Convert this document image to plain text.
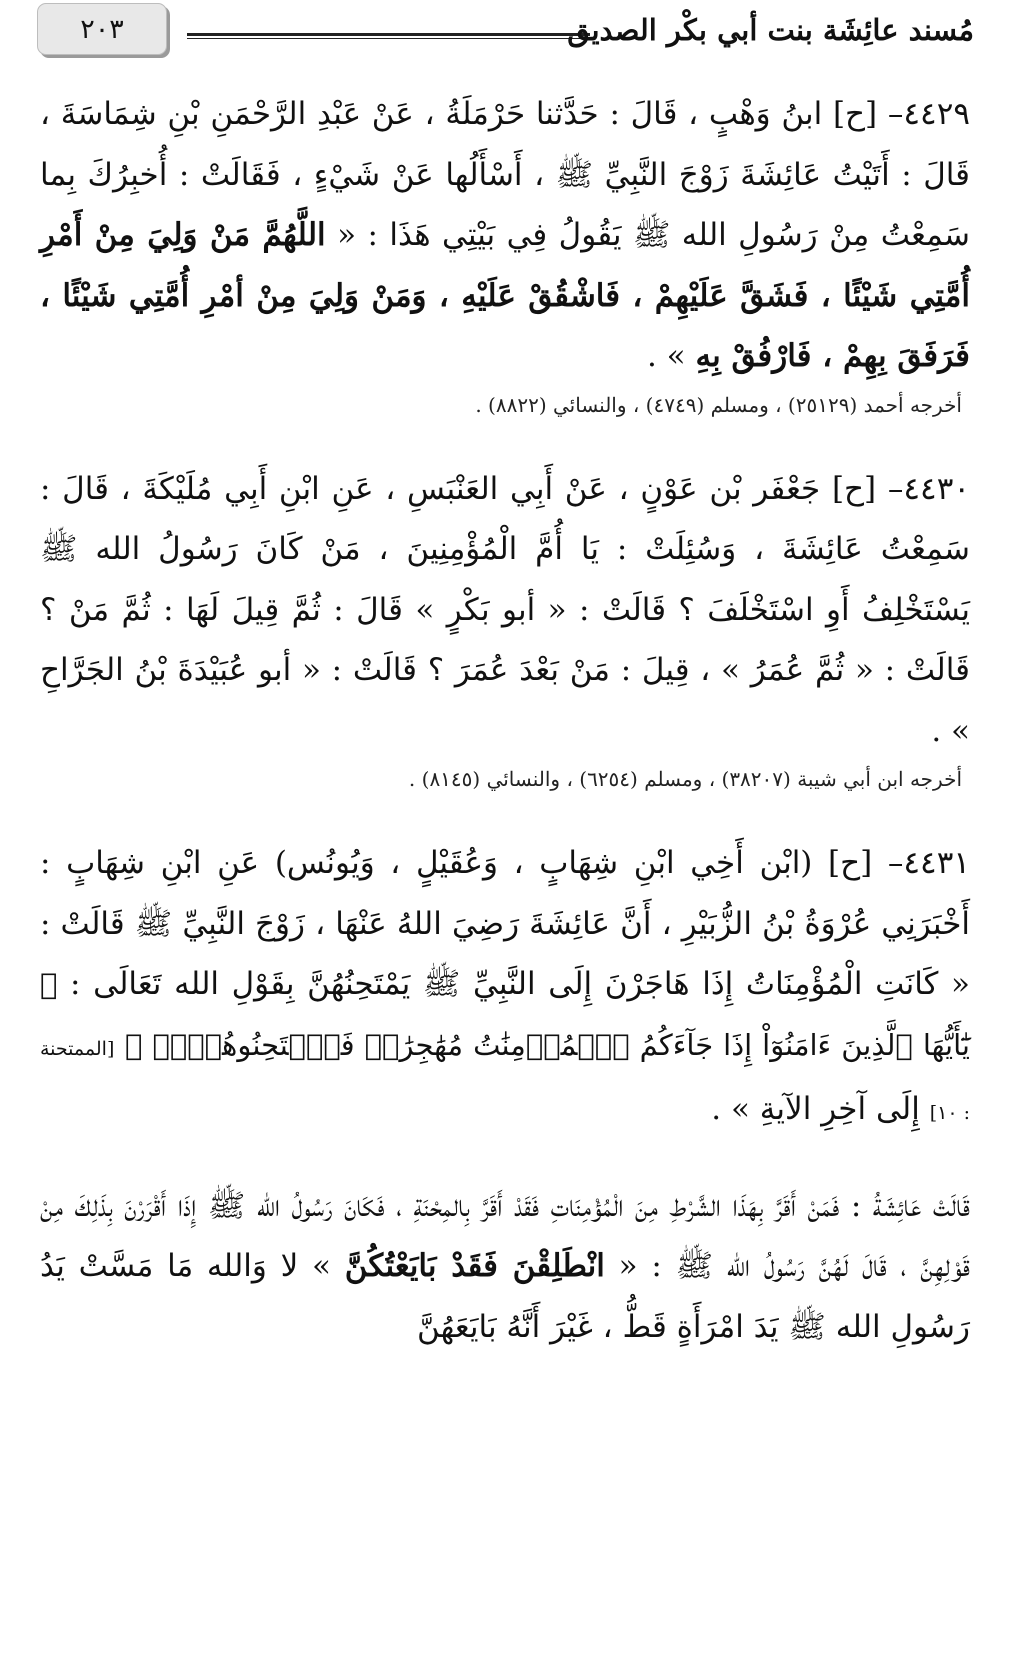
٢٠٣	مُسند عائِشَة بنت أبي بكْر الصديق

٤٤٢٩– [ح] ابنُ وَهْبٍ ، قَالَ : حَدَّثنا حَرْمَلَةُ ، عَنْ عَبْدِ الرَّحْمَنِ بْنِ شِمَاسَةَ ، قَالَ : أَتَيْتُ عَائِشَةَ زَوْجَ النَّبِيِّ ﷺ ، أَسْأَلُها عَنْ شَيْءٍ ، فَقَالَتْ : أُخبِرُكَ بِما سَمِعْتُ مِنْ رَسُولِ الله ﷺ يَقُولُ فِي بَيْتِي هَذَا : « اللَّهُمَّ مَنْ وَلِيَ مِنْ أَمْرِ أُمَّتِي شَيْئًا ، فَشَقَّ عَلَيْهِمْ ، فَاشْقُقْ عَلَيْهِ ، وَمَنْ وَلِيَ مِنْ أمْرِ أُمَّتِي شَيْئًا ، فَرَفَقَ بِهِمْ ، فَارْفُقْ بِهِ » .

أخرجه أحمد (٢٥١٢٩) ، ومسلم (٤٧٤٩) ، والنسائي (٨٨٢٢) .

٤٤٣٠– [ح] جَعْفَر بْن عَوْنٍ ، عَنْ أَبِي العَنْبَسِ ، عَنِ ابْنِ أَبِي مُلَيْكَةَ ، قَالَ : سَمِعْتُ عَائِشَةَ ، وَسُئِلَتْ : يَا أُمَّ الْمُؤْمِنِينَ ، مَنْ كَانَ رَسُولُ الله ﷺ يَسْتَخْلِفُ أَوِ اسْتَخْلَفَ ؟ قَالَتْ : « أبو بَكْرٍ » قَالَ : ثُمَّ قِيلَ لَهَا : ثُمَّ مَنْ ؟ قَالَتْ : « ثُمَّ عُمَرُ » ، قِيلَ : مَنْ بَعْدَ عُمَرَ ؟ قَالَتْ : « أبو عُبَيْدَةَ بْنُ الجَرَّاحِ » .

أخرجه ابن أبي شيبة (٣٨٢٠٧) ، ومسلم (٦٢٥٤) ، والنسائي (٨١٤٥) .

٤٤٣١– [ح] (ابْن أَخِي ابْنِ شِهَابٍ ، وَعُقَيْلٍ ، وَيُونُس) عَنِ ابْنِ شِهَابٍ : أَخْبَرَنِي عُرْوَةُ بْنُ الزُّبَيْرِ ، أَنَّ عَائِشَةَ رَضِيَ اللهُ عَنْهَا ، زَوْجَ النَّبِيِّ ﷺ قَالَتْ : « كَانَتِ الْمُؤْمِنَاتُ إِذَا هَاجَرْنَ إِلَى النَّبِيِّ ﷺ يَمْتَحِنُهُنَّ بِقَوْلِ الله تَعَالَى : ﴿ يَٰٓأَيُّهَا ٱلَّذِينَ ءَامَنُوٓاْ إِذَا جَآءَكُمُ ٱلۡمُؤۡمِنَٰتُ مُهَٰجِرَٰتٖ فَٱمۡتَحِنُوهُنَّۖ ﴾ [الممتحنة : ١٠] إِلَى آخِرِ الآيةِ » .

قَالَتْ عَائِشَةُ : فَمَنْ أَقَرَّ بِهَذَا الشَّرْطِ مِنَ الْمُؤْمِنَاتِ فَقَدْ أَقَرَّ بِالمِحْنَةِ ، فَكَانَ رَسُولُ الله ﷺ إِذَا أَقْرَرْنَ بِذَلِكَ مِنْ قَوْلِهِنَّ ، قَالَ لَهُنَّ رَسُولُ الله ﷺ : « انْطَلِقْنَ فَقَدْ بَايَعْتُكُنَّ » لا وَالله مَا مَسَّتْ يَدُ رَسُولِ الله ﷺ يَدَ امْرَأَةٍ قَطُّ ، غَيْرَ أَنَّهُ بَايَعَهُنَّ
